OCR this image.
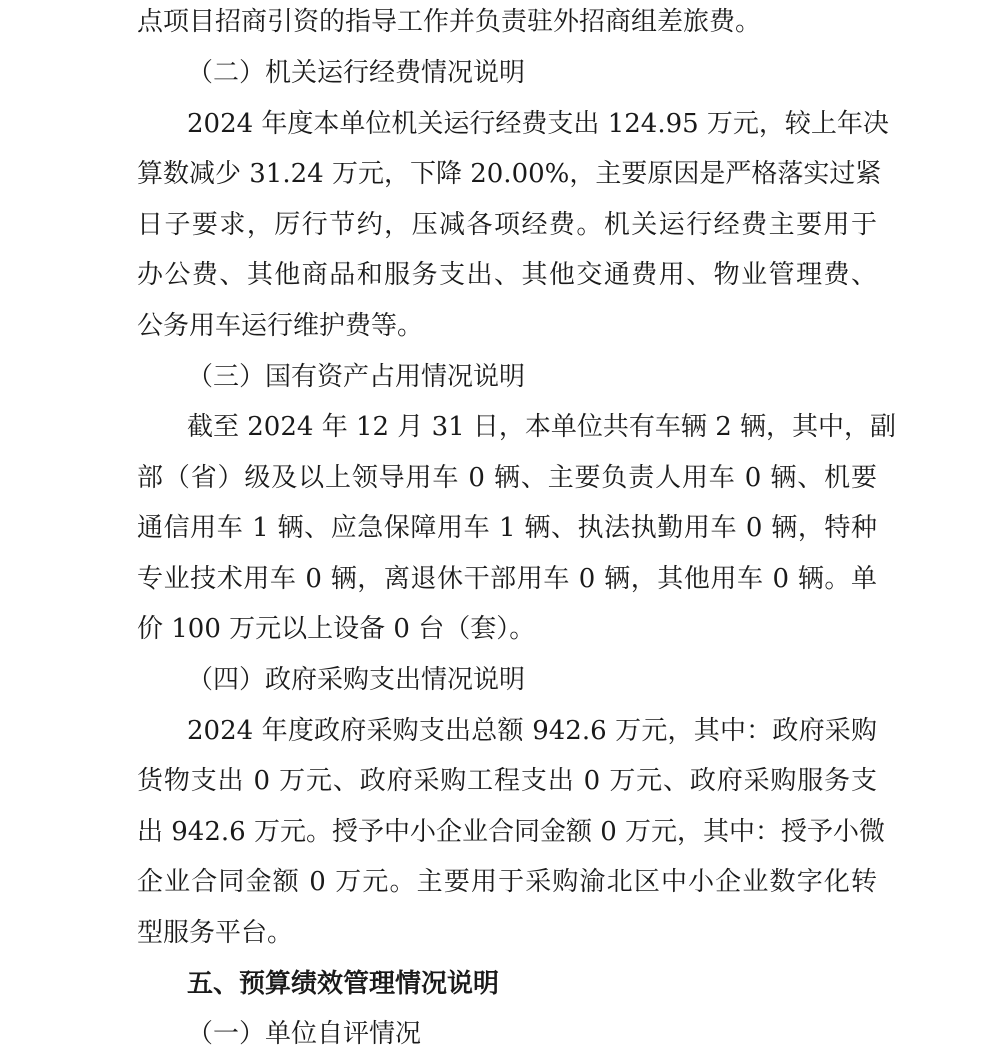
点项目招商引资的指导工作并负责驻外招商组差旅费。
（二）机关运行经费情况说明
2024 年度本单位机关运行经费支出 124.95 万元，较上年决
算数减少 31.24 万元，下降 20.00%，主要原因是严格落实过紧
日子要求，厉行节约，压减各项经费。机关运行经费主要用于
办公费、其他商品和服务支出、其他交通费用、物业管理费、
公务用车运行维护费等。
（三）国有资产占用情况说明
截至 2024 年 12 月 31 日，本单位共有车辆 2 辆，其中，副
部（省）级及以上领导用车 0 辆、主要负责人用车 0 辆、机要
通信用车 1 辆、应急保障用车 1 辆、执法执勤用车 0 辆，特种
专业技术用车 0 辆，离退休干部用车 0 辆，其他用车 0 辆。单
价 100 万元以上设备 0 台（套）。
（四）政府采购支出情况说明
2024 年度政府采购支出总额 942.6 万元，其中：政府采购
货物支出 0 万元、政府采购工程支出 0 万元、政府采购服务支
出 942.6 万元。授予中小企业合同金额 0 万元，其中：授予小微
企业合同金额 0 万元。主要用于采购渝北区中小企业数字化转
型服务平台。
五、预算绩效管理情况说明
（一）单位自评情况
